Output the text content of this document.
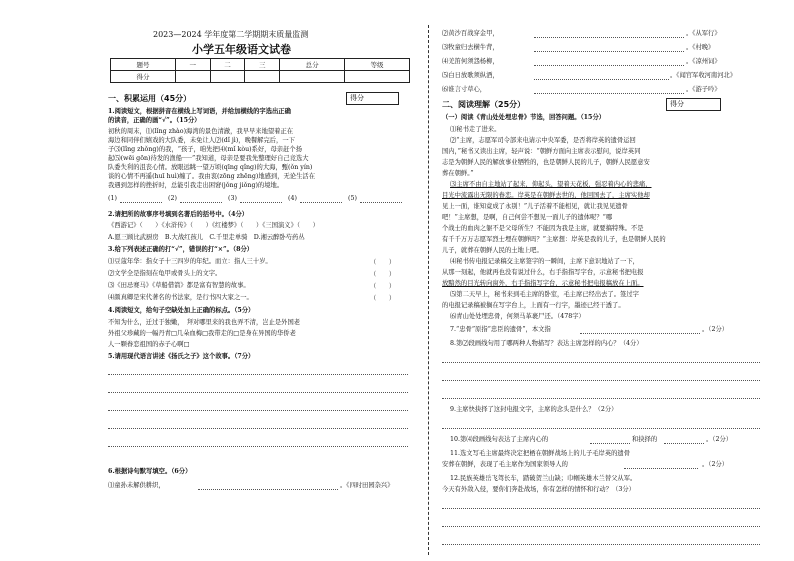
2023—2024 学年度第二学期期末质量监测
小学五年级语文试卷
题号	一	二	三	总分	等级
得分					
一、积累运用（45分）	得分
1.阅读短文，根据拼音在横线上写词语，并给加横线的字选出正确
的读音，正确的画“√”。（15分）
初秋的周末，⑴(lǐng zhào)海湾的景色清澈，我早早来地望着正在
海边和同伴们嬉戏的大队委，未免让人⑵(dǐ jì)，晚餐解完后，一下
子⑶(lǐng zhǒng)的我，“孩子，咱先把⑷(mǐ kòu)系好，母亲赶个扬
起⑸(wēi gōn)待发的渔船·····”我知道，母亲是要我先整理好自己竞选大
队委失利的沮丧心情。放眼远眺一望万顷(qīng qǐng)的大海，甄(ǒn yín)
谈的心情不再遥(huī huì)缠了。我由衷(zōng zhēng)地感到，无论生活在
我遇到怎样的挫折时，总能引我走出困窘(jǒng jiǒng)的境地。
(1)	(2)	(3)	(4)	(5)
2.请把所的故事序号填到名著后的括号中。（4分）
《西游记》（　　）《水浒传》（　　）《红楼梦》（　　）《三国演义》（　　）
A.愿三顾比武厨房　B.大战红孩儿　C.千里走单骑　D.湘云醉卧芍药丛
3.给下列表述正确的打“√”，错误的打“×”。（8分）
⑴豆蔻年华：指女子十三四岁的年纪。而立：指人三十岁。	（　　）
⑵文学全是指刻在龟甲或骨头上的文字。	（　　）
⑶《田忌赛马》《草船借箭》都是富有智慧的故事。	（　　）
⑷颜真卿是宋代著名的书法家，是行书四大家之一。	（　　）
4.阅读短文，给句子空缺处加上正确的标点。（5分）
不知为什么，迁过于独嫩，　拜对哪里来的我也弄不清，岂止是外国老
外祖父珍藏的一幅丹青□几朵血梅□我带走的□是身在异国的华侨老
人一颗眷恋祖国的赤子心啊□
5.请用现代语言讲述《扬氏之子》这个故事。（7分）
6.根据诗句默写填空。（6分）
⑴童孙未解供耕织，	。《四时田园杂兴》
⑵黄沙百战穿金甲，	。《从军行》
⑶牧童归去横牛背，	。《村晚》
⑷羌笛何须怨杨柳，	。《凉州词》
⑸白日放歌须纵酒，	。《闻官军收河南河北》
⑹谁言寸草心，	。《游子吟》
二、阅读理解（25分）	得分
（一）阅读《青山处处埋忠骨》节选，回答问题。（15分）
⑴秘书走了进来。
⑵“主席，志愿军司令部来电请示中央军委，是否将岸英的遗骨运回
国内，”秘书又读出主席，轻声说：“朝鲜方面向主席表示慰问，说岸英同
志是为朝鲜人民的解放事业牺牲的，也是朝鲜人民的儿子，朝鲜人民愿意安
葬在朝鲜。”
⑶主席不由自主地站了起来，仰起头，望着天花板，强忍着内心的悲痛，
目光中流露出无限的眷恋。岸英是在朝鲜去世的，他回国去了，主席实他却
见上一面，谁知竟成了永别！”儿子活着不能相见，就让我见见遗骨
吧！”主席想，是啊，自己何尝不想见一面儿子的遗体呢？“哪
个战士的血肉之躯不是父母所生？不能因为我是主席，就要搞特殊。不是
有千千万万志愿军烈士埋在朝鲜吗？”主席想：岸英是我的儿子，也是朝鲜人民的
儿子，就葬在朝鲜人民的土地上吧。
⑷秘书传电报记录稿交主席签字的一瞬间，主席下意识地站了一下，
从那一刻起，他就再也没有说过什么，右手指指写字台，示意秘书把电报
放黯然的目光转向窗外，右手指指写字台，示意秘书把电报稿放在上面。
⑸第二天早上，秘书来到毛主席的卧室，毛主席已经出去了。签过字
的电报记录稿被搁在写字台上，上面有一行字，墨迹已经干透了。
⑹青山处处埋忠骨，何须马革裹尸还。（478字）
7.“忠骨”原指“忠臣的遗骨”，本文指	。（2分）
8.第⑵段画线句用了哪两种人物描写？表达主席怎样的内心？（4分）
9.主席快抉择了这封电报文字，主席的念头是什么？（2分）
10.第⑷段画线句表达了主席内心的	和抉择的	。（2分）
11.选文写毛主席最终决定把栖在朝鲜战场上的儿子毛岸英的遗骨
安葬在朝鲜，表现了毛主席作为国家领导人的	。（2分）
12.民族英雄岳飞驾长车，踏破贺兰山缺；巾帼英雄木兰替父从军。
今天有外敌入侵，要你们奔赴战场，你有怎样的情怀和行动？（3分）
